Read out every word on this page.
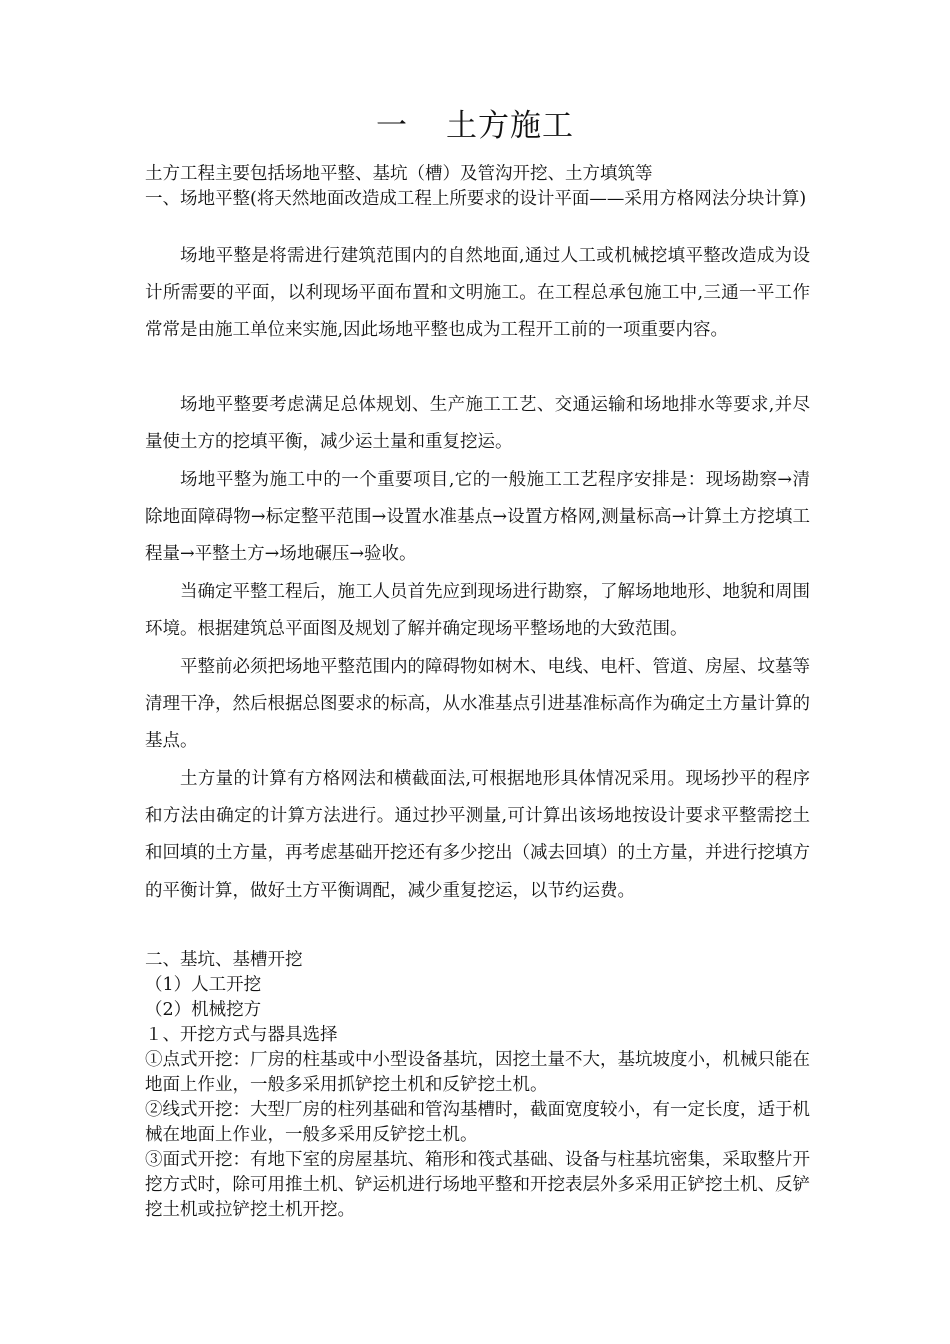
一 土方施工

土方工程主要包括场地平整、基坑（槽）及管沟开挖、土方填筑等

一、场地平整(将天然地面改造成工程上所要求的设计平面——采用方格网法分块计算)

场地平整是将需进行建筑范围内的自然地面,通过人工或机械挖填平整改造成为设计所需要的平面，以利现场平面布置和文明施工。在工程总承包施工中,三通一平工作常常是由施工单位来实施,因此场地平整也成为工程开工前的一项重要内容。

场地平整要考虑满足总体规划、生产施工工艺、交通运输和场地排水等要求,并尽量使土方的挖填平衡，减少运土量和重复挖运。

场地平整为施工中的一个重要项目,它的一般施工工艺程序安排是：现场勘察→清除地面障碍物→标定整平范围→设置水准基点→设置方格网,测量标高→计算土方挖填工程量→平整土方→场地碾压→验收。

当确定平整工程后，施工人员首先应到现场进行勘察，了解场地地形、地貌和周围环境。根据建筑总平面图及规划了解并确定现场平整场地的大致范围。

平整前必须把场地平整范围内的障碍物如树木、电线、电杆、管道、房屋、坟墓等清理干净，然后根据总图要求的标高，从水准基点引进基准标高作为确定土方量计算的基点。

土方量的计算有方格网法和横截面法,可根据地形具体情况采用。现场抄平的程序和方法由确定的计算方法进行。通过抄平测量,可计算出该场地按设计要求平整需挖土和回填的土方量，再考虑基础开挖还有多少挖出（减去回填）的土方量，并进行挖填方的平衡计算，做好土方平衡调配，减少重复挖运，以节约运费。

二、基坑、基槽开挖

（1）人工开挖

（2）机械挖方

１、开挖方式与器具选择

①点式开挖：厂房的柱基或中小型设备基坑，因挖土量不大，基坑坡度小，机械只能在地面上作业，一般多采用抓铲挖土机和反铲挖土机。

②线式开挖：大型厂房的柱列基础和管沟基槽时，截面宽度较小，有一定长度，适于机械在地面上作业，一般多采用反铲挖土机。

③面式开挖：有地下室的房屋基坑、箱形和筏式基础、设备与柱基坑密集，采取整片开挖方式时，除可用推土机、铲运机进行场地平整和开挖表层外多采用正铲挖土机、反铲挖土机或拉铲挖土机开挖。
